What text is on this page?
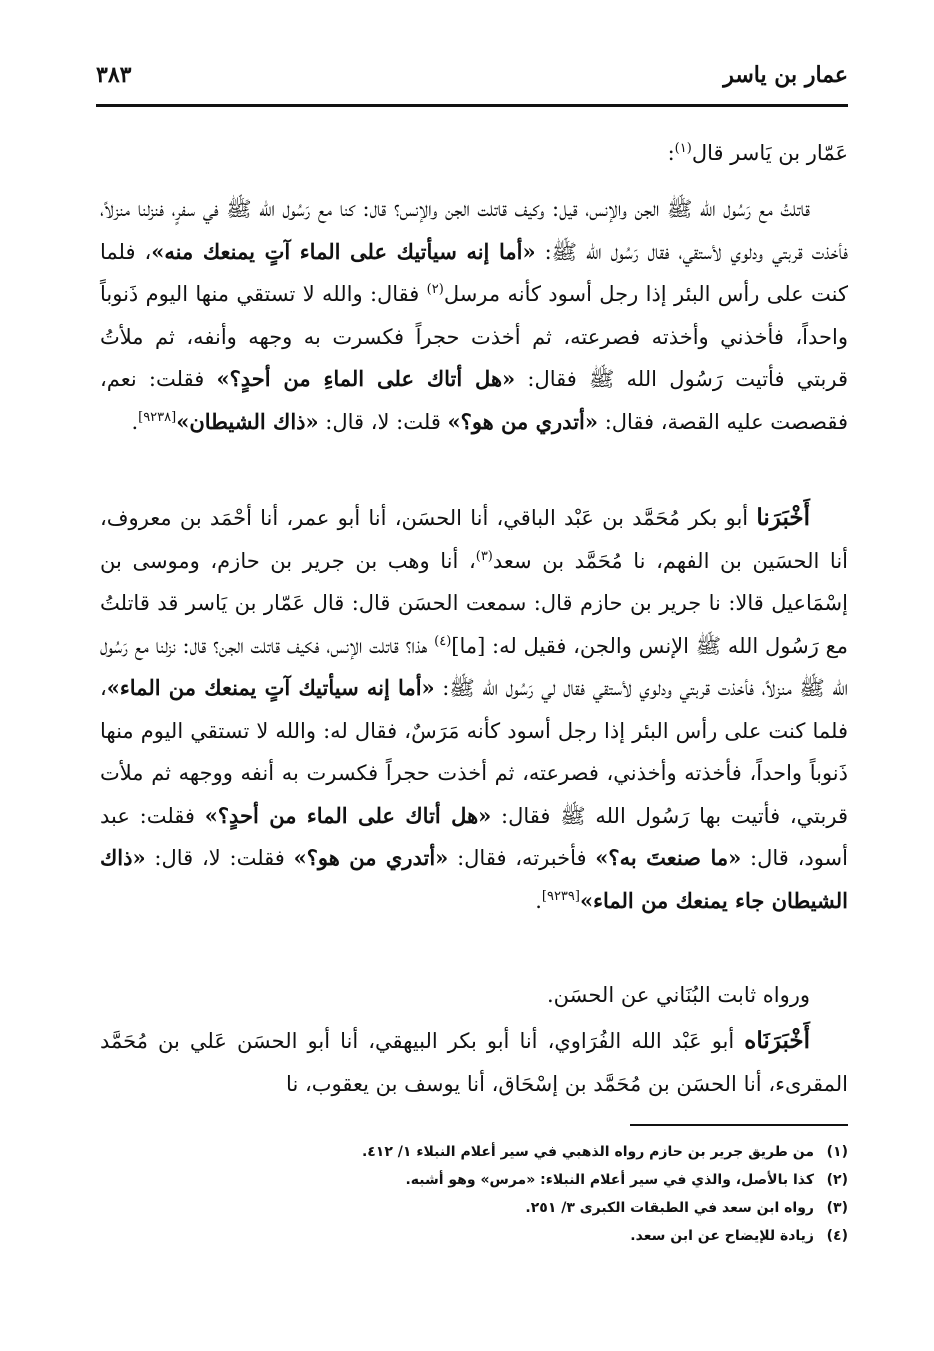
عمار بن ياسر
٣٨٣

عَمّار بن يَاسر قال$^{(١)}$:

قاتلتُ مع رَسُول الله ﷺ الجن والإنس، قيل: وكيف قاتلت الجن والإنس؟ قال: كنا مع رَسُول الله ﷺ في سفرٍ، فنزلنا منزلاً، فأخذت قربتي ودلوي لأستقي، فقال رَسُول الله ﷺ: «أما إنه سيأتيك على الماء آتٍ يمنعك منه»، فلما كنت على رأس البئر إذا رجل أسود كأنه مرسل$^{(٢)}$ فقال: والله لا تستقي منها اليوم ذَنوباً واحداً، فأخذني وأخذته فصرعته، ثم أخذت حجراً فكسرت به وجهه وأنفه، ثم ملأتُ قربتي فأتيت رَسُول الله ﷺ فقال: «هل أتاك على الماءِ من أحدٍ؟» فقلت: نعم، فقصصت عليه القصة، فقال: «أتدري من هو؟» قلت: لا، قال: «ذاك الشيطان»[٩٢٣٨].

أَخْبَرَنا أبو بكر مُحَمَّد بن عَبْد الباقي، أنا الحسَن، أنا أبو عمر، أنا أحْمَد بن معروف، أنا الحسَين بن الفهم، نا مُحَمَّد بن سعد$^{(٣)}$، أنا وهب بن جرير بن حازم، وموسى بن إسْمَاعيل قالا: نا جرير بن حازم قال: سمعت الحسَن قال: قال عَمّار بن يَاسر قد قاتلتُ مع رَسُول الله ﷺ الإنس والجن، فقيل له: [ما]$^{(٤)}$ هذا؟ قاتلت الإنس، فكيف قاتلت الجن؟ قال: نزلنا مع رَسُول الله ﷺ منزلاً، فأخذت قربتي ودلوي لأستقي فقال لي رَسُول الله ﷺ: «أما إنه سيأتيك آتٍ يمنعك من الماء»، فلما كنت على رأس البئر إذا رجل أسود كأنه مَرَسٌ، فقال له: والله لا تستقي اليوم منها ذَنوباً واحداً، فأخذته وأخذني، فصرعته، ثم أخذت حجراً فكسرت به أنفه ووجهه ثم ملأت قربتي، فأتيت بها رَسُول الله ﷺ فقال: «هل أتاك على الماء من أحدٍ؟» فقلت: عبد أسود، قال: «ما صنعتَ به؟» فأخبرته، فقال: «أتدري من هو؟» فقلت: لا، قال: «ذاك الشيطان جاء يمنعك من الماء»[٩٢٣٩].

ورواه ثابت البُنَاني عن الحسَن.

أَخْبَرَنَاه أبو عَبْد الله الفُرَاوي، أنا أبو بكر البيهقي، أنا أبو الحسَن عَلي بن مُحَمَّد المقرىء، أنا الحسَن بن مُحَمَّد بن إسْحَاق، أنا يوسف بن يعقوب، نا

(١)من طريق جرير بن حازم رواه الذهبي في سير أعلام النبلاء ١/ ٤١٢.
(٢)كذا بالأصل، والذي في سير أعلام النبلاء: «مرس» وهو أشبه.
(٣)رواه ابن سعد في الطبقات الكبرى ٣/ ٢٥١.
(٤)زيادة للإيضاح عن ابن سعد.
